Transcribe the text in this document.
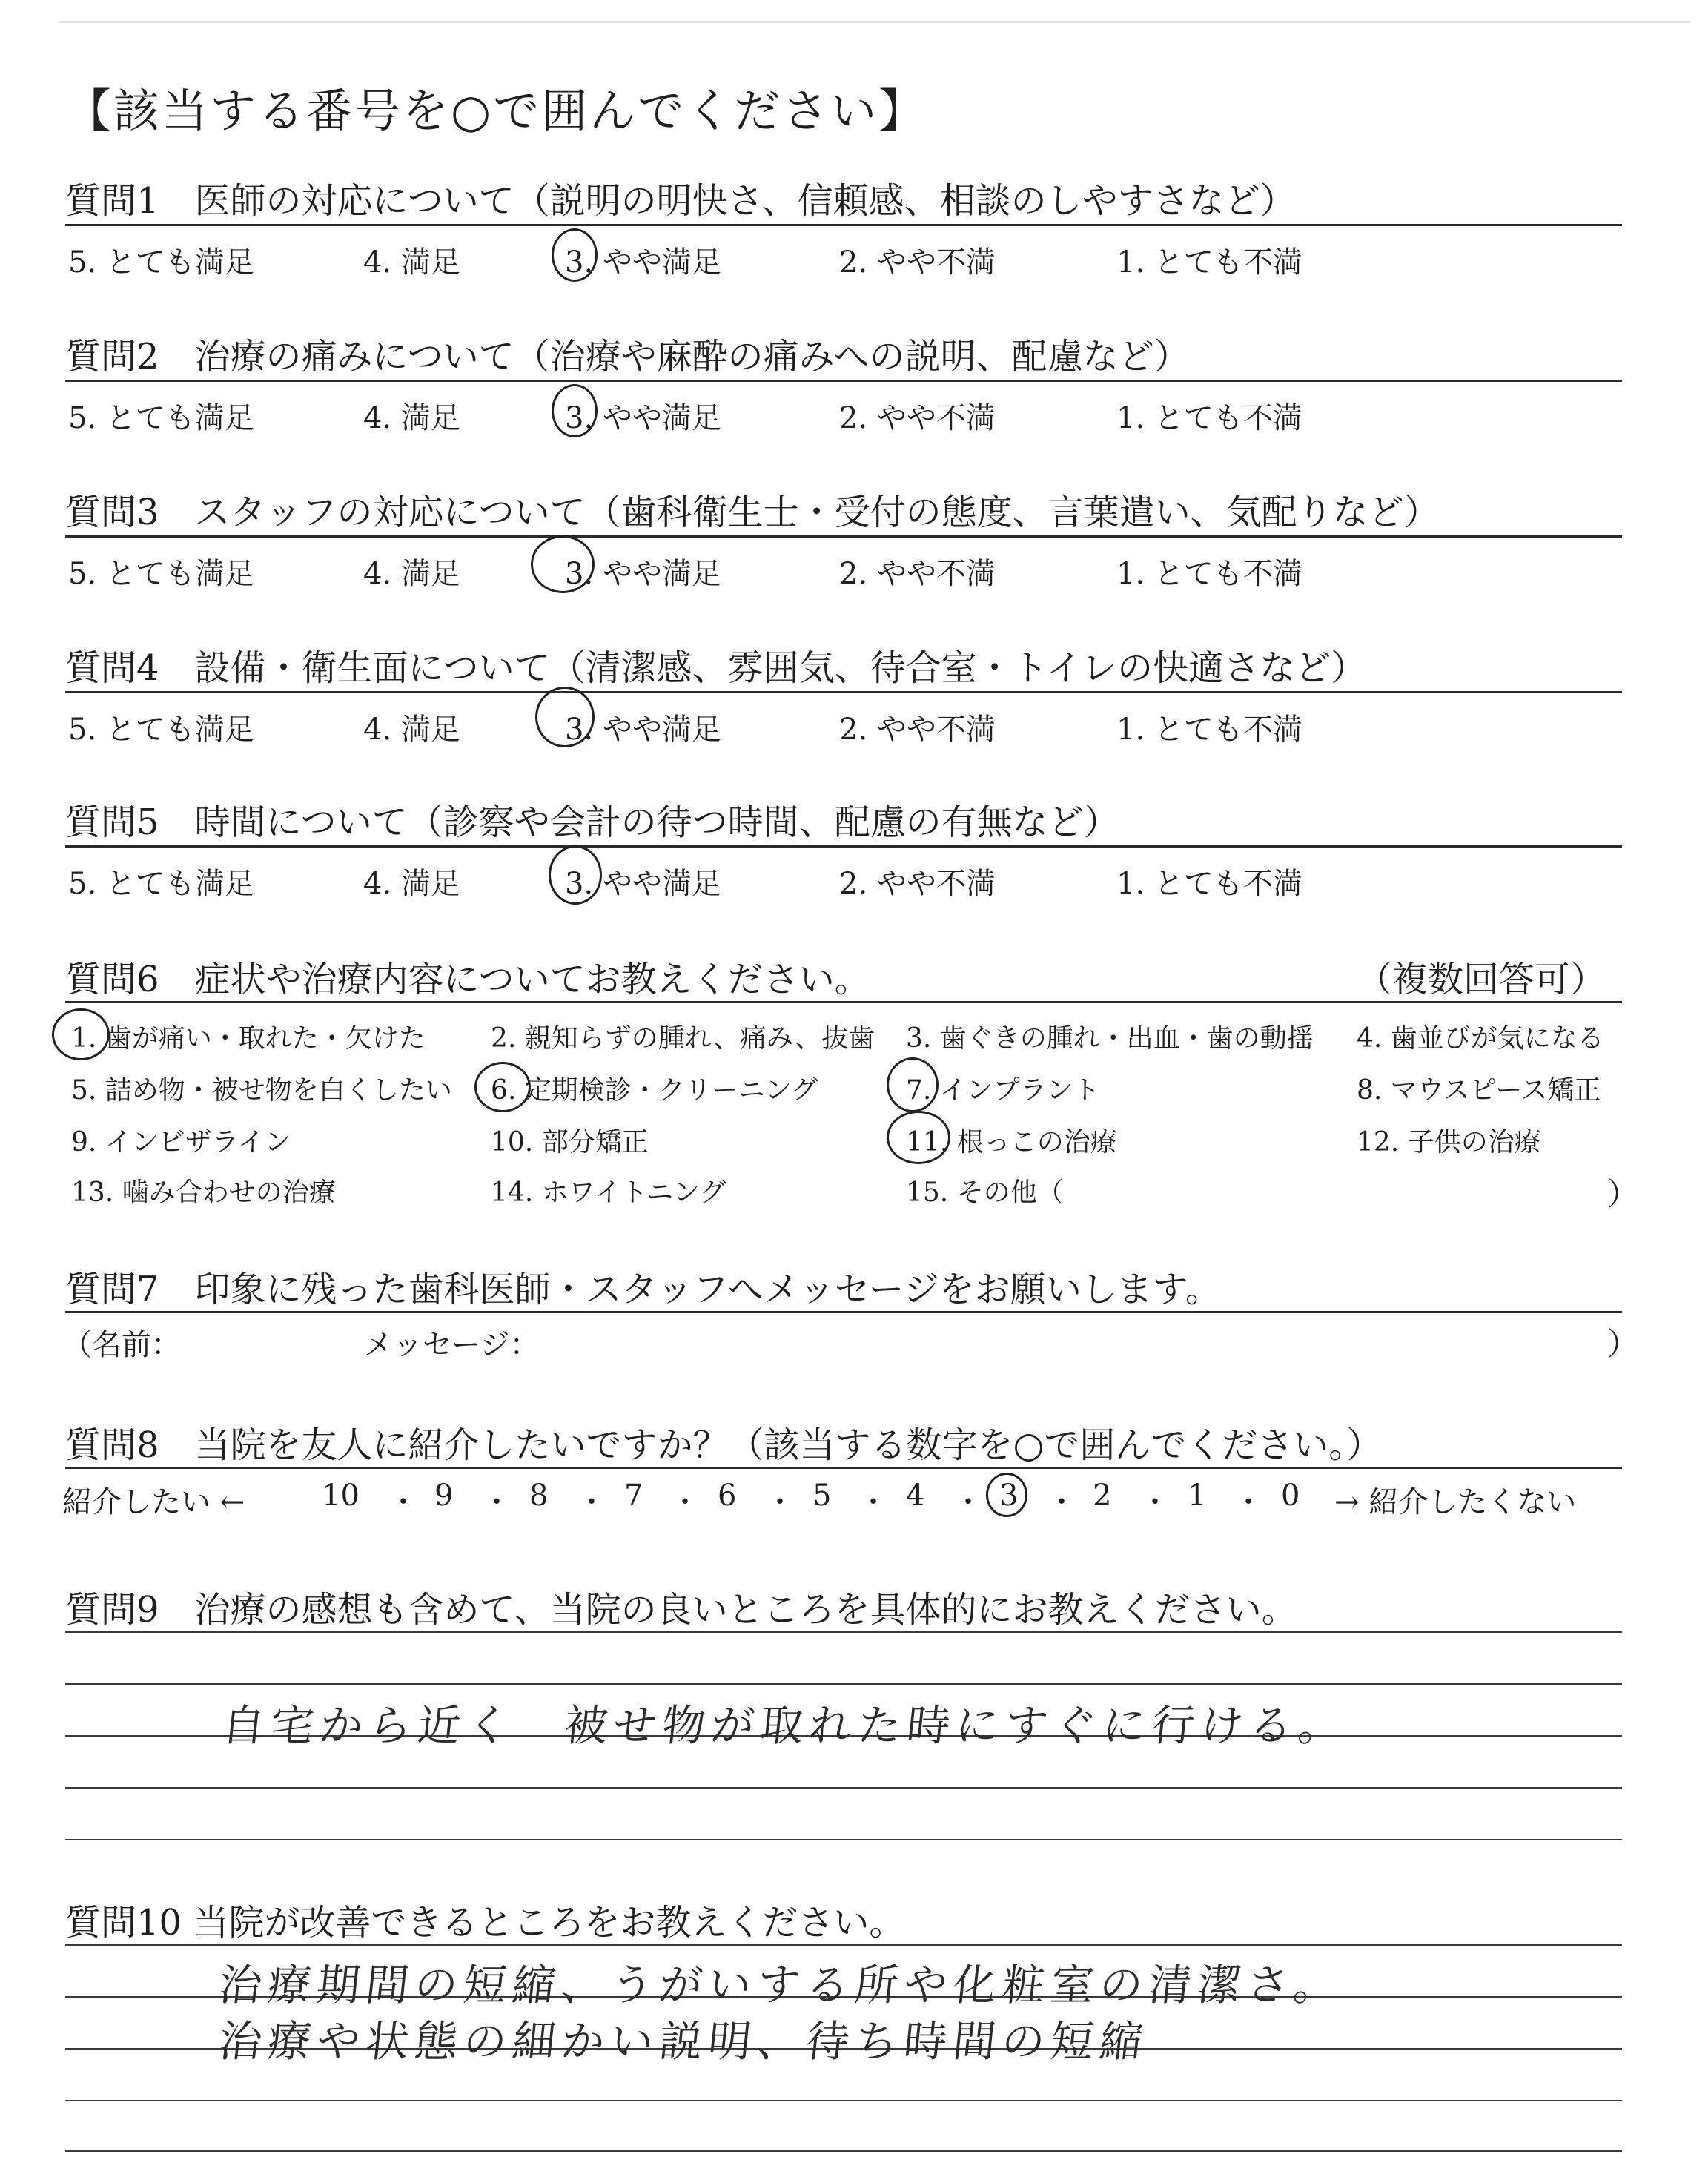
【該当する番号を○で囲んでください】
質問1　医師の対応について（説明の明快さ、信頼感、相談のしやすさなど）
5. とても満足	4. 満足	3. やや満足	2. やや不満	1. とても不満
質問2　治療の痛みについて（治療や麻酔の痛みへの説明、配慮など）
5. とても満足	4. 満足	3. やや満足	2. やや不満	1. とても不満
質問3　スタッフの対応について（歯科衛生士・受付の態度、言葉遣い、気配りなど）
5. とても満足	4. 満足	3. やや満足	2. やや不満	1. とても不満
質問4　設備・衛生面について（清潔感、雰囲気、待合室・トイレの快適さなど）
5. とても満足	4. 満足	3. やや満足	2. やや不満	1. とても不満
質問5　時間について（診察や会計の待つ時間、配慮の有無など）
5. とても満足	4. 満足	3. やや満足	2. やや不満	1. とても不満
質問6　症状や治療内容についてお教えください。	（複数回答可）
1. 歯が痛い・取れた・欠けた 2. 親知らずの腫れ、痛み、抜歯 3. 歯ぐきの腫れ・出血・歯の動揺 4. 歯並びが気になる
5. 詰め物・被せ物を白くしたい 6. 定期検診・クリーニング	7. インプラント	8. マウスピース矯正
9. インビザライン	10. 部分矯正	11. 根っこの治療	12. 子供の治療
13. 噛み合わせの治療	14. ホワイトニング	15. その他（	）
質問7　印象に残った歯科医師・スタッフへメッセージをお願いします。
（名前：	メッセージ：	）
質問8　当院を友人に紹介したいですか？（該当する数字を○で囲んでください。）
紹介したい ←	10 ・ 9 ・ 8 ・ 7 ・ 6 ・ 5 ・ 4 ・ 3 ・ 2 ・ 1 ・ 0 → 紹介したくない
質問9　治療の感想も含めて、当院の良いところを具体的にお教えください。
自宅から近く　被せ物が取れた時にすぐに行ける。
質問10 当院が改善できるところをお教えください。
治療期間の短縮、うがいする所や化粧室の清潔さ。
治療や状態の細かい説明、待ち時間の短縮
